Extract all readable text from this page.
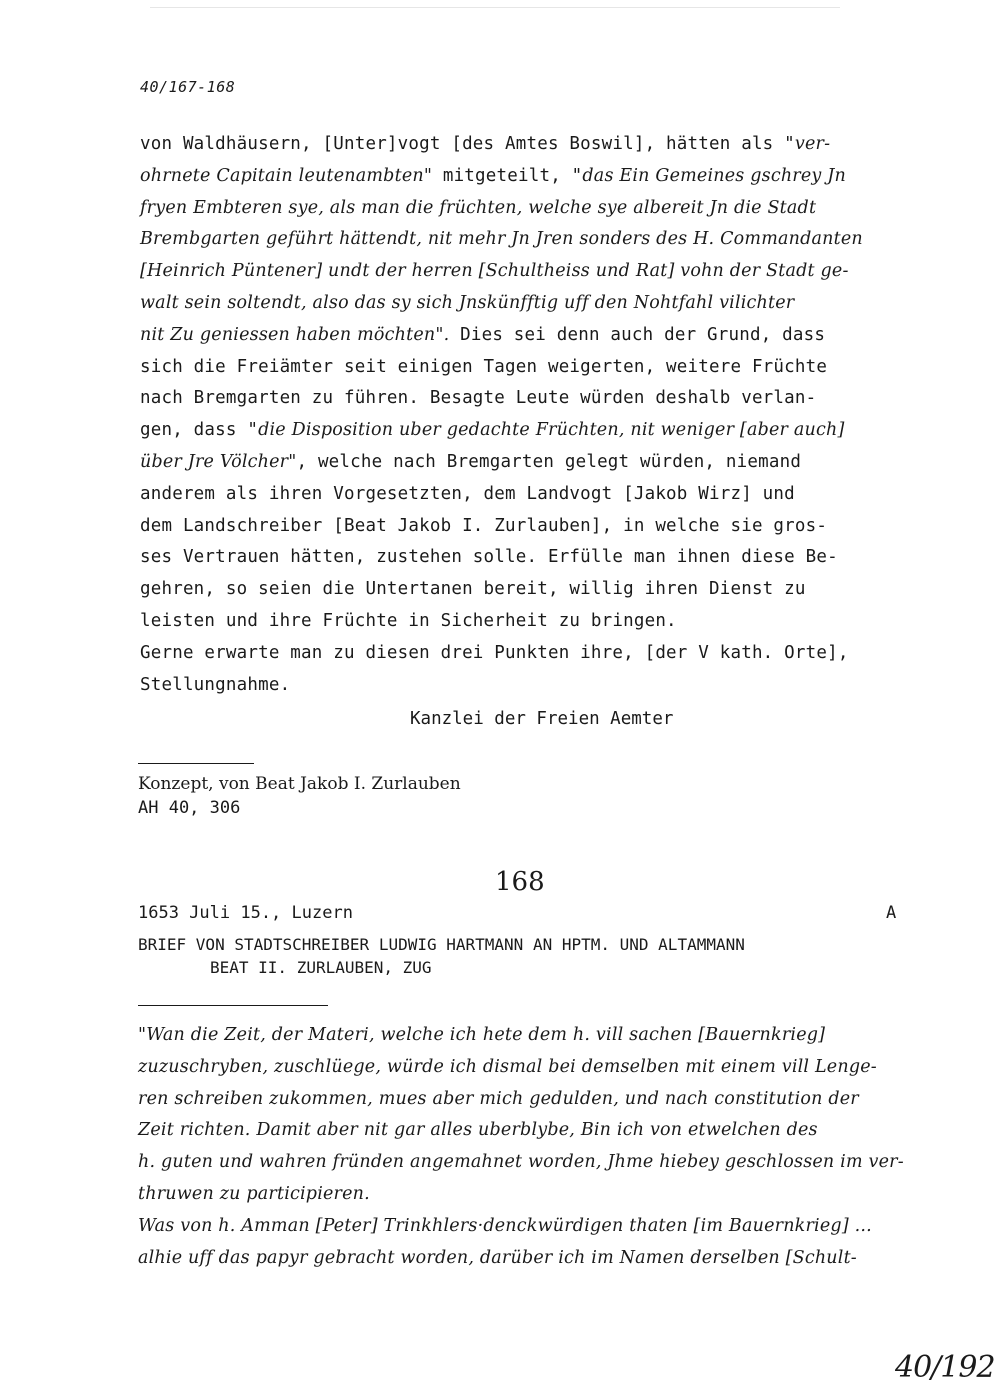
40/167-168
von Waldhäusern, [Unter]vogt [des Amtes Boswil], hätten als "ver-
ohrnete Capitain leutenambten" mitgeteilt, "das Ein Gemeines gschrey Jn
fryen Embteren sye, als man die früchten, welche sye albereit Jn die Stadt
Brembgarten geführt hättendt, nit mehr Jn Jren sonders des H. Commandanten
[Heinrich Püntener] undt der herren [Schultheiss und Rat] vohn der Stadt ge-
walt sein soltendt, also das sy sich Jnskünfftig uff den Nohtfahl vilichter
nit Zu geniessen haben möchten". Dies sei denn auch der Grund, dass
sich die Freiämter seit einigen Tagen weigerten, weitere Früchte
nach Bremgarten zu führen. Besagte Leute würden deshalb verlan-
gen, dass "die Disposition uber gedachte Früchten, nit weniger [aber auch]
über Jre Völcher", welche nach Bremgarten gelegt würden, niemand
anderem als ihren Vorgesetzten, dem Landvogt [Jakob Wirz] und
dem Landschreiber [Beat Jakob I. Zurlauben], in welche sie gros-
ses Vertrauen hätten, zustehen solle. Erfülle man ihnen diese Be-
gehren, so seien die Untertanen bereit, willig ihren Dienst zu
leisten und ihre Früchte in Sicherheit zu bringen.
Gerne erwarte man zu diesen drei Punkten ihre, [der V kath. Orte],
Stellungnahme.
Kanzlei der Freien Aemter
Konzept, von Beat Jakob I. Zurlauben
AH 40, 306
168
1653 Juli 15., Luzern	A
BRIEF VON STADTSCHREIBER LUDWIG HARTMANN AN HPTM. UND ALTAMMANN
BEAT II. ZURLAUBEN, ZUG
"Wan die Zeit, der Materi, welche ich hete dem h. vill sachen [Bauernkrieg]
zuzuschryben, zuschlüege, würde ich dismal bei demselben mit einem vill Lenge-
ren schreiben zukommen, mues aber mich gedulden, und nach constitution der
Zeit richten. Damit aber nit gar alles uberblybe, Bin ich von etwelchen des
h. guten und wahren fründen angemahnet worden, Jhme hiebey geschlossen im ver-
thruwen zu participieren.
Was von h. Amman [Peter] Trinkhlers·denckwürdigen thaten [im Bauernkrieg] ...
alhie uff das papyr gebracht worden, darüber ich im Namen derselben [Schult-
40/192
